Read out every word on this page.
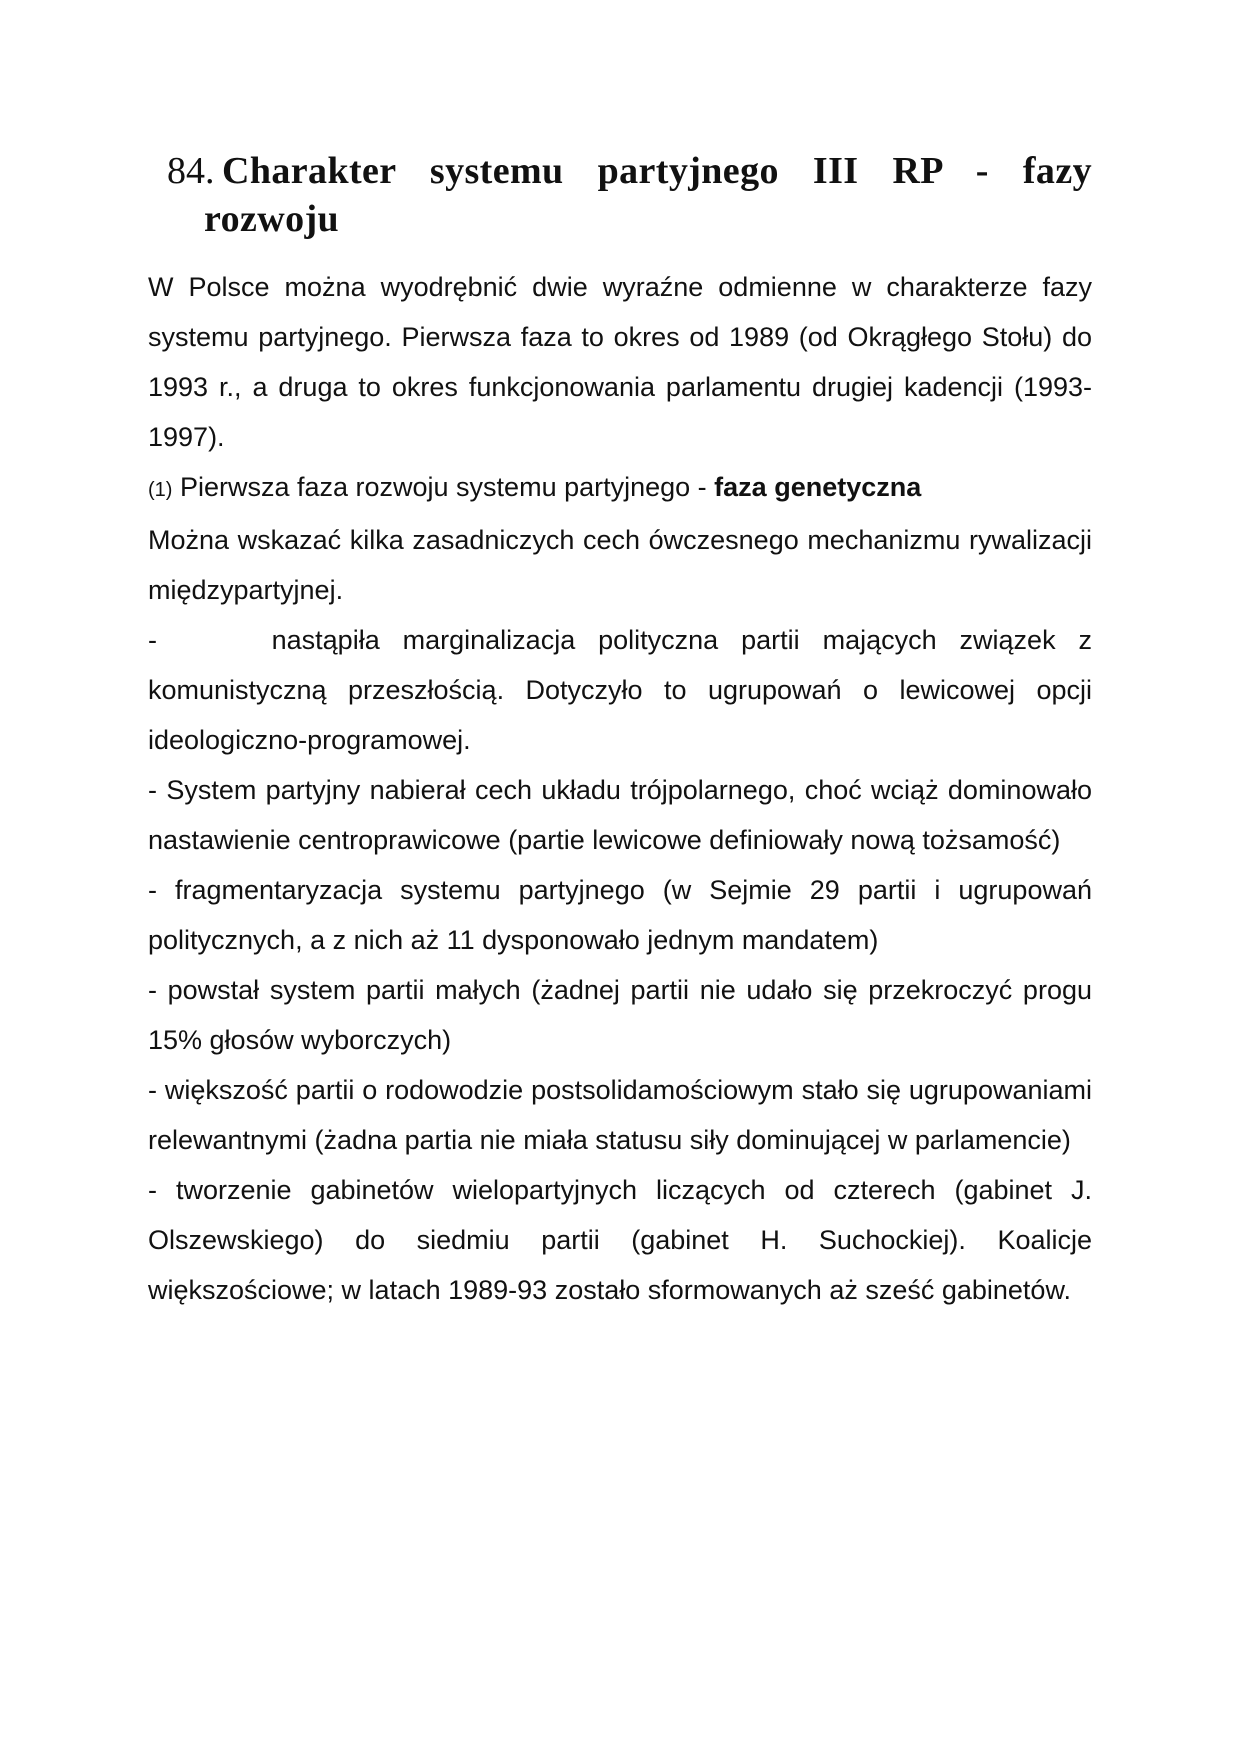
84. Charakter systemu partyjnego III RP - fazy rozwoju

W Polsce można wyodrębnić dwie wyraźne odmienne w charakterze fazy systemu partyjnego. Pierwsza faza to okres od 1989 (od Okrągłego Stołu) do 1993 r., a druga to okres funkcjonowania parlamentu drugiej kadencji (1993-1997).

(1) Pierwsza faza rozwoju systemu partyjnego - faza genetyczna

Można wskazać kilka zasadniczych cech ówczesnego mechanizmu rywalizacji międzypartyjnej.

-     nastąpiła marginalizacja polityczna partii mających związek z komunistyczną przeszłością. Dotyczyło to ugrupowań o lewicowej opcji ideologiczno-programowej.

- System partyjny nabierał cech układu trójpolarnego, choć wciąż dominowało nastawienie centroprawicowe (partie lewicowe definiowały nową tożsamość)

- fragmentaryzacja systemu partyjnego (w Sejmie 29 partii i ugrupowań politycznych, a z nich aż 11 dysponowało jednym mandatem)

- powstał system partii małych (żadnej partii nie udało się przekroczyć progu 15% głosów wyborczych)

- większość partii o rodowodzie postsolidamościowym stało się ugrupowaniami relewantnymi (żadna partia nie miała statusu siły dominującej w parlamencie)

- tworzenie gabinetów wielopartyjnych liczących od czterech (gabinet J. Olszewskiego) do siedmiu partii (gabinet H. Suchockiej). Koalicje większościowe; w latach 1989-93 zostało sformowanych aż sześć gabinetów.
